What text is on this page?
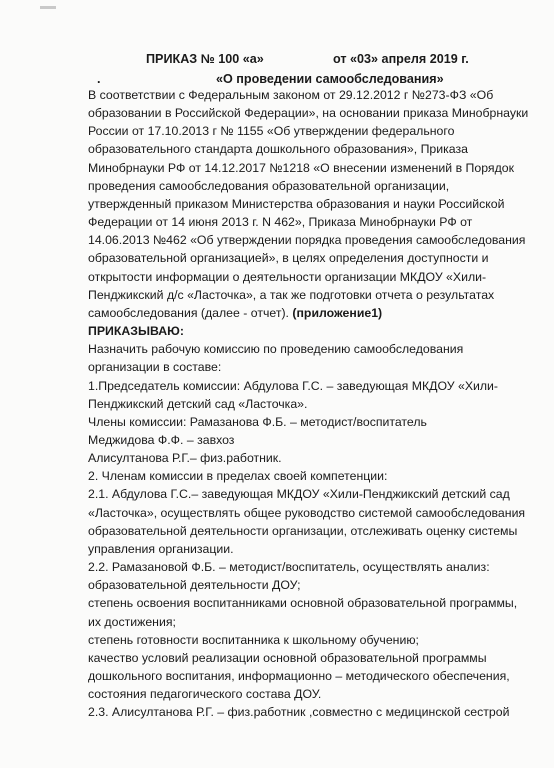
ПРИКАЗ № 100 «а»	от «03» апреля 2019 г.
.	«О проведении самообследования»
В соответствии с Федеральным законом от 29.12.2012 г №273-ФЗ «Об
образовании в Российской Федерации», на основании приказа Минобрнауки
России от 17.10.2013 г № 1155 «Об утверждении федерального
образовательного стандарта дошкольного образования», Приказа
Минобрнауки РФ от 14.12.2017 №1218 «О внесении изменений в Порядок
проведения самообследования образовательной организации,
утвержденный приказом Министерства образования и науки Российской
Федерации от 14 июня 2013 г. N 462», Приказа Минобрнауки РФ от
14.06.2013 №462 «Об утверждении порядка проведения самообследования
образовательной организацией», в целях определения доступности и
открытости информации о деятельности организации МКДОУ «Хили-
Пенджикский д/с «Ласточка», а так же подготовки отчета о результатах
самообследования (далее - отчет). (приложение1)
ПРИКАЗЫВАЮ:
Назначить рабочую комиссию по проведению самообследования
организации в составе:
1.Председатель комиссии: Абдулова Г.С. – заведующая МКДОУ «Хили-
Пенджикский детский сад «Ласточка».
Члены комиссии: Рамазанова Ф.Б. – методист/воспитатель
Меджидова Ф.Ф. – завхоз
Алисултанова Р.Г.– физ.работник.
2. Членам комиссии в пределах своей компетенции:
2.1. Абдулова Г.С.– заведующая МКДОУ «Хили-Пенджикский детский сад
«Ласточка», осуществлять общее руководство системой самообследования
образовательной деятельности организации, отслеживать оценку системы
управления организации.
2.2. Рамазановой Ф.Б. – методист/воспитатель, осуществлять анализ:
образовательной деятельности ДОУ;
степень освоения воспитанниками основной образовательной программы,
их достижения;
степень готовности воспитанника к школьному обучению;
качество условий реализации основной образовательной программы
дошкольного воспитания, информационно – методического обеспечения,
состояния педагогического состава ДОУ.
2.3. Алисултанова Р.Г. – физ.работник ,совместно с медицинской сестрой
